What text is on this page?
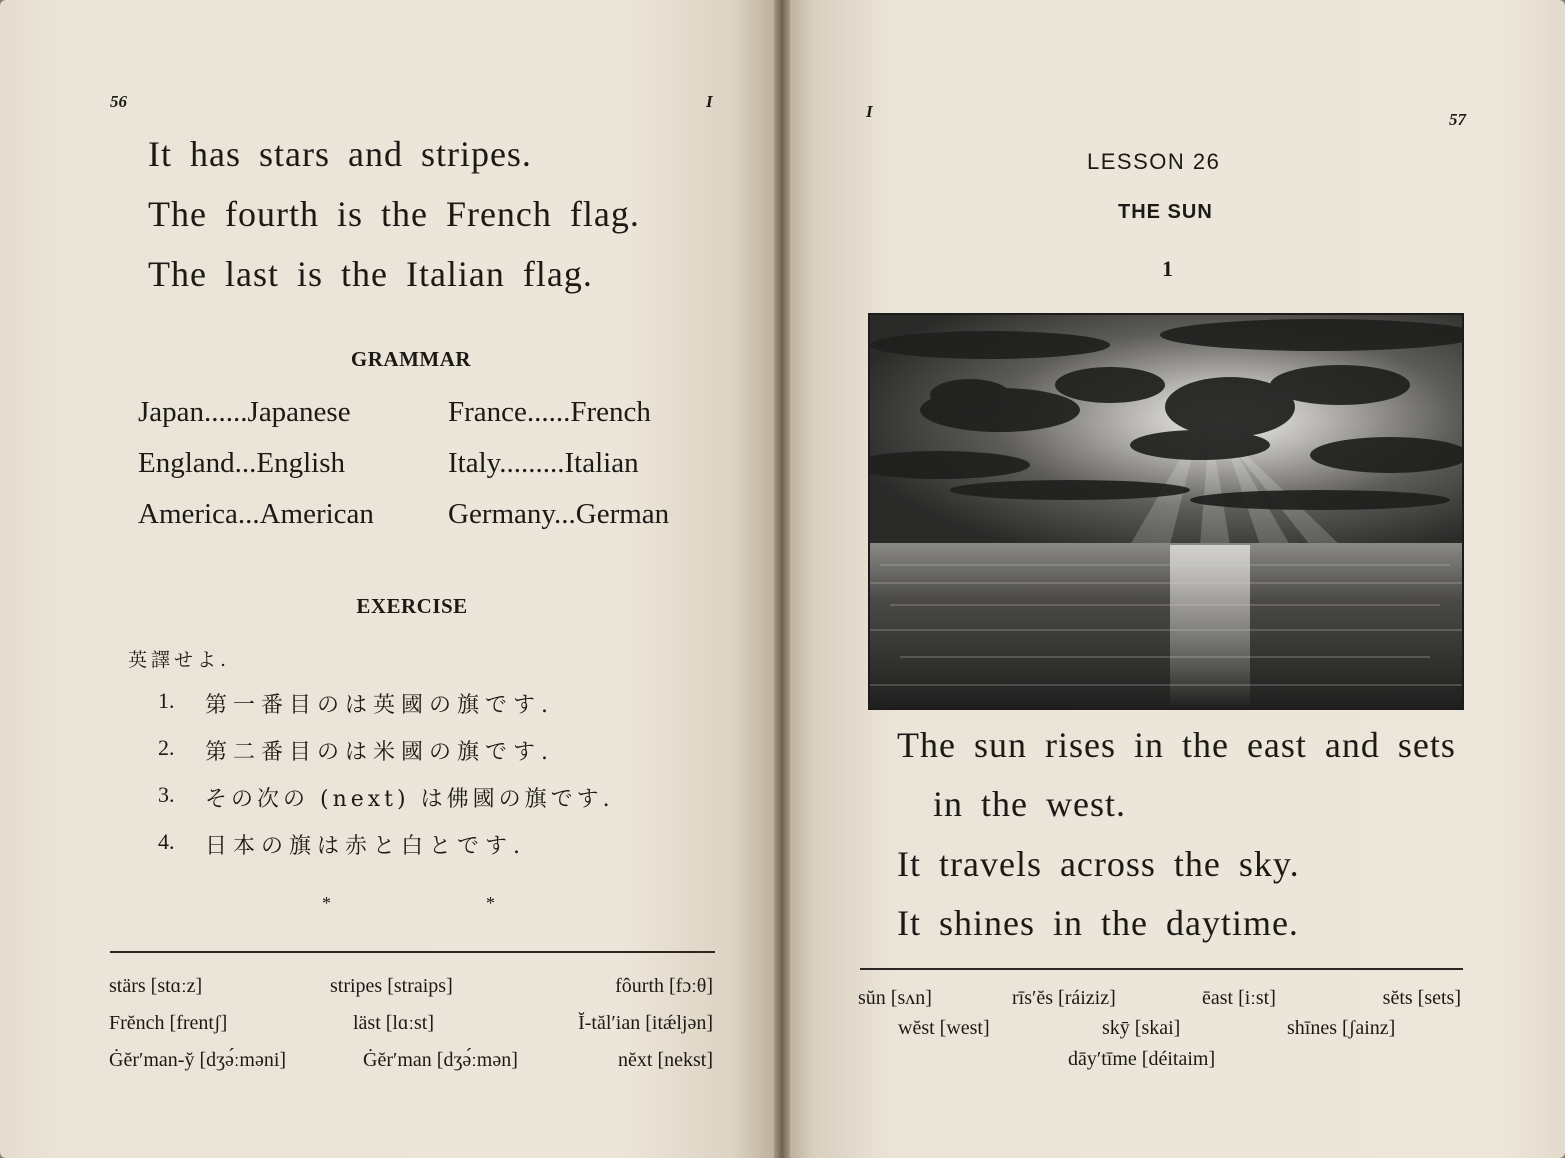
56	I
It has stars and stripes.
The fourth is the French flag.
The last is the Italian flag.
GRAMMAR
Japan......Japanese	France......French
England...English	Italy.........Italian
America...American	Germany...German
EXERCISE
英譯せよ.
1. 第一番目のは英國の旗です.
2. 第二番目のは米國の旗です.
3. その次の (next) は佛國の旗です.
4. 日本の旗は赤と白とです.
*	*
stärs [stɑːz]	stripes [straips]	fôurth [fɔːθ]
Frĕnch [frentʃ]	läst [lɑːst]	Ĭ-tăl′ian [itǽljən]
Ġĕr′man-y̆ [dʒə́ːməni]	Ġĕr′man [dʒə́ːmən]	nĕxt [nekst]
I	57
LESSON 26
THE SUN
1
The sun rises in the east and sets
in the west.
It travels across the sky.
It shines in the daytime.
sŭn [sʌn]	rīs′ĕs [ráiziz]	ēast [iːst]	sĕts [sets]
wĕst [west]	skȳ [skai]	shīnes [ʃainz]
dāy′tīme [déitaim]
